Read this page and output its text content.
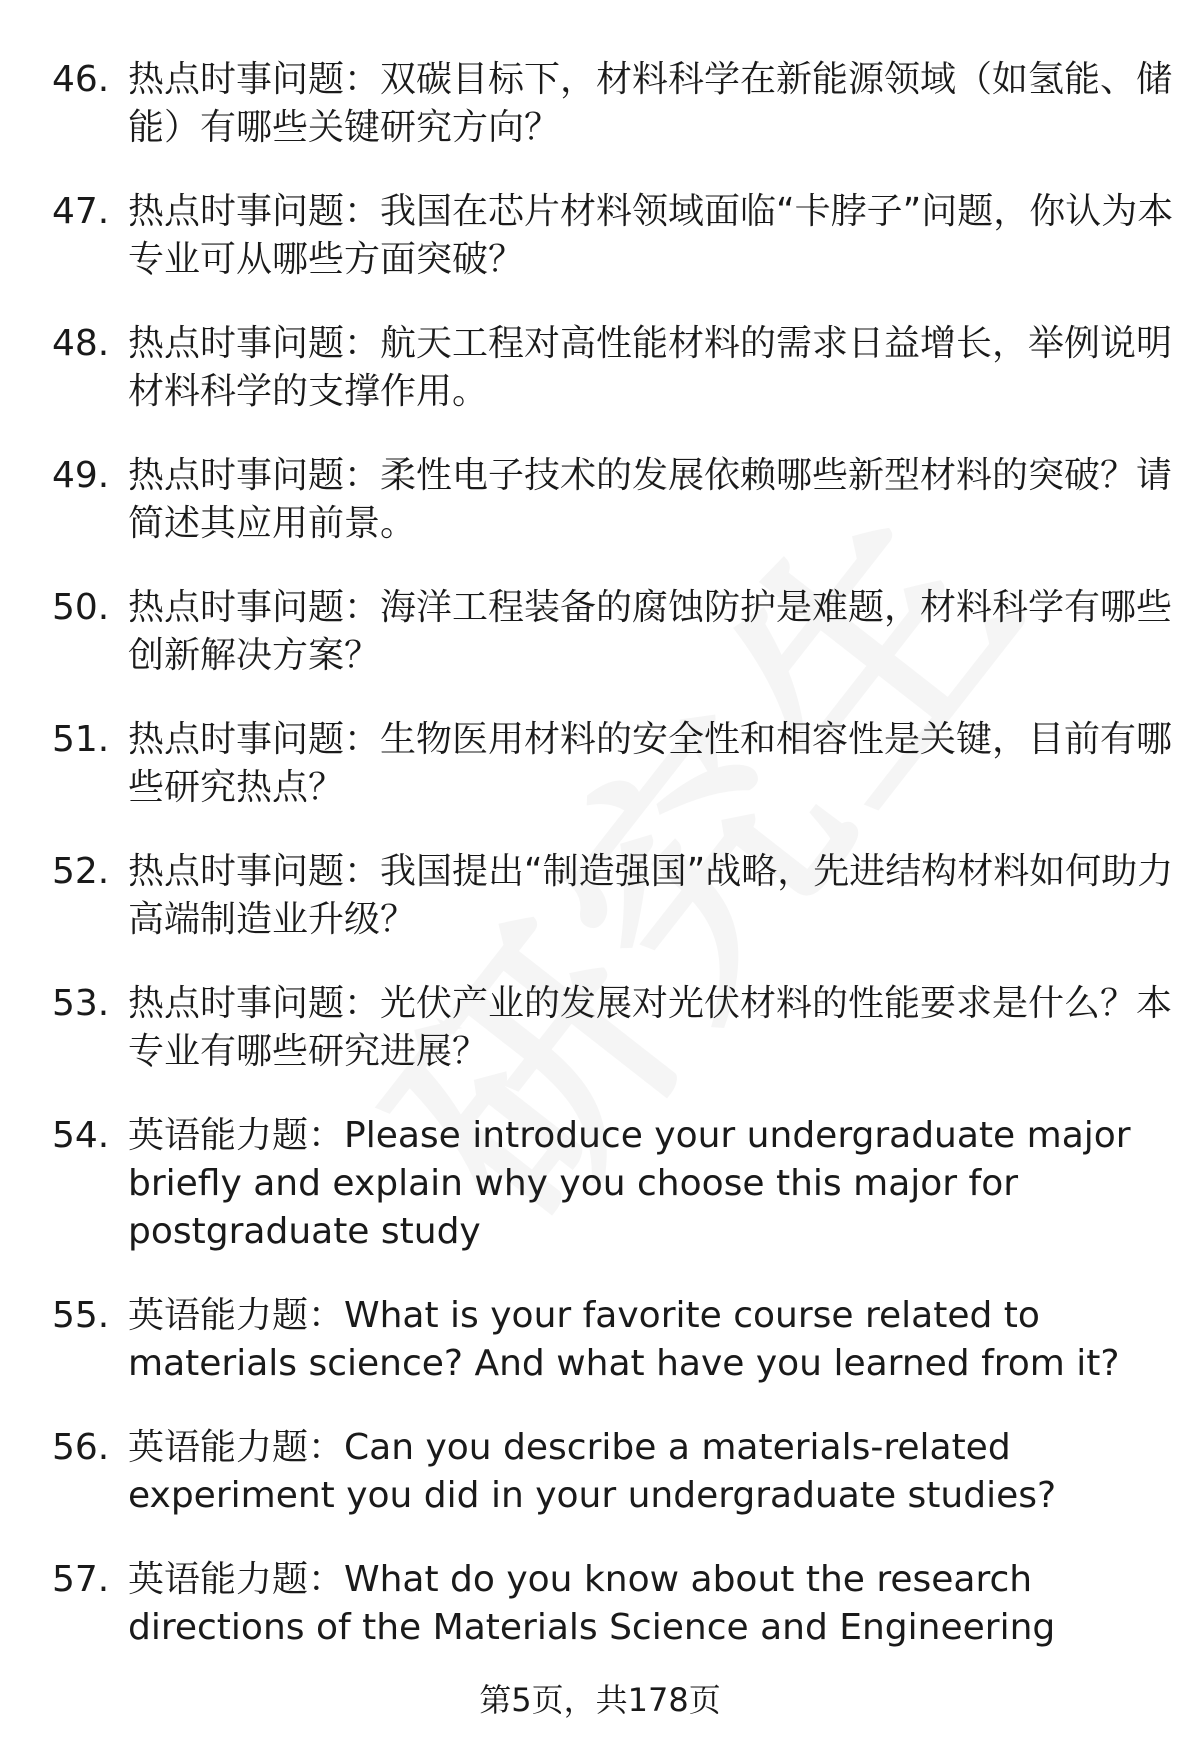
46. 热点时事问题：双碳目标下，材料科学在新能源领域（如氢能、储能）有哪些关键研究方向？
47. 热点时事问题：我国在芯片材料领域面临“卡脖子”问题，你认为本专业可从哪些方面突破？
48. 热点时事问题：航天工程对高性能材料的需求日益增长，举例说明材料科学的支撑作用。
49. 热点时事问题：柔性电子技术的发展依赖哪些新型材料的突破？请简述其应用前景。
50. 热点时事问题：海洋工程装备的腐蚀防护是难题，材料科学有哪些创新解决方案？
51. 热点时事问题：生物医用材料的安全性和相容性是关键，目前有哪些研究热点？
52. 热点时事问题：我国提出“制造强国”战略，先进结构材料如何助力高端制造业升级？
53. 热点时事问题：光伏产业的发展对光伏材料的性能要求是什么？本专业有哪些研究进展？
54. 英语能力题：Please introduce your undergraduate major briefly and explain why you choose this major for postgraduate study
55. 英语能力题：What is your favorite course related to materials science? And what have you learned from it?
56. 英语能力题：Can you describe a materials-related experiment you did in your undergraduate studies?
57. 英语能力题：What do you know about the research directions of the Materials Science and Engineering
第5页，共178页
